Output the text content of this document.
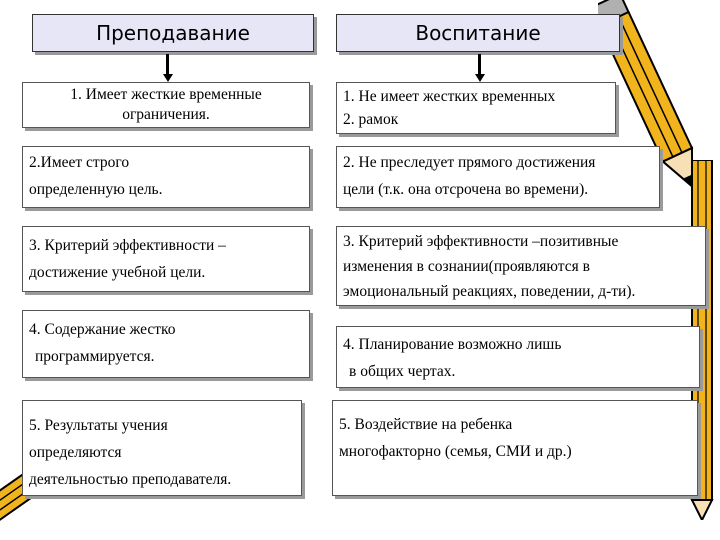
Преподавание	Воспитание

1. Имеет жесткие временные

ограничения.

2.Имеет строго

определенную цель.

3. Критерий эффективности –

достижение учебной цели.

4. Содержание жестко

программируется.

5. Результаты учения

определяются

деятельностью преподавателя.

1. Не имеет жестких временных

2. рамок

2. Не преследует прямого достижения

цели (т.к. она отсрочена во времени).

3. Критерий эффективности –позитивные

изменения в сознании(проявляются в

эмоциональный реакциях, поведении, д-ти).

4. Планирование возможно лишь

в общих чертах.

5. Воздействие на ребенка

многофакторно (семья, СМИ и др.)
